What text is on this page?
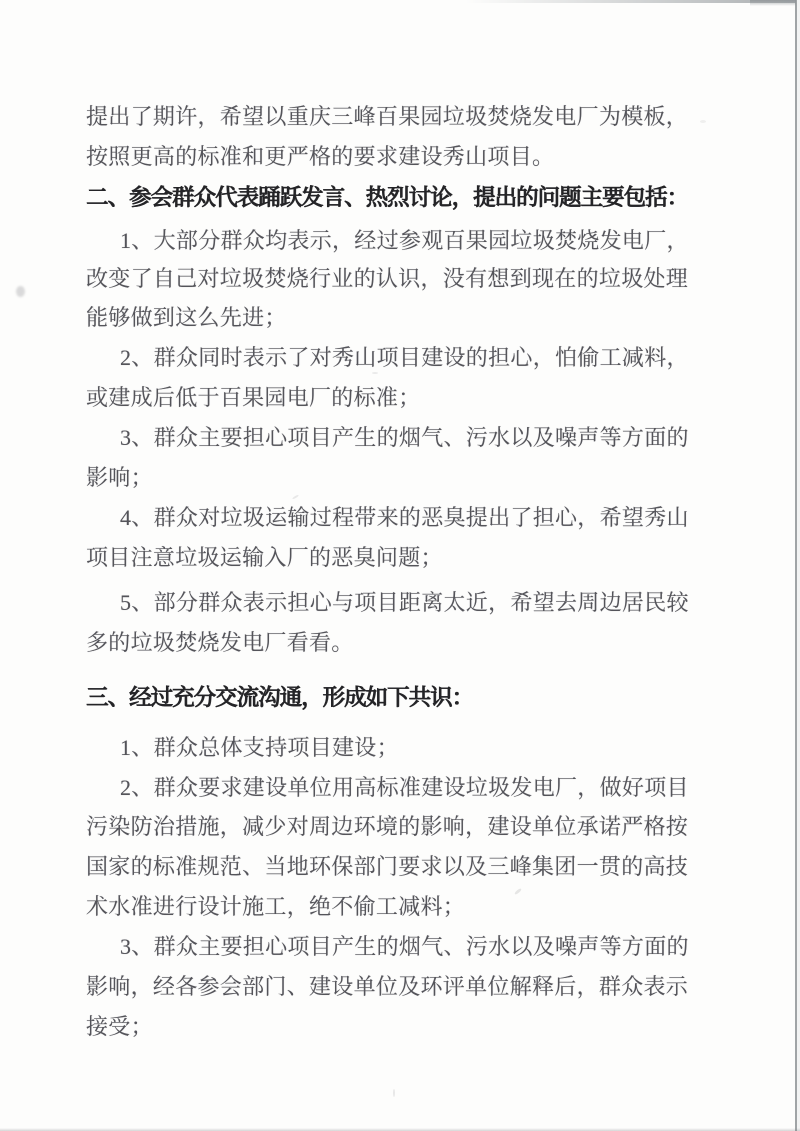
提出了期许，希望以重庆三峰百果园垃圾焚烧发电厂为模板，
按照更高的标准和更严格的要求建设秀山项目。
二、参会群众代表踊跃发言、热烈讨论，提出的问题主要包括：
1、大部分群众均表示，经过参观百果园垃圾焚烧发电厂，
改变了自己对垃圾焚烧行业的认识，没有想到现在的垃圾处理
能够做到这么先进；
2、群众同时表示了对秀山项目建设的担心，怕偷工减料，
或建成后低于百果园电厂的标准；
3、群众主要担心项目产生的烟气、污水以及噪声等方面的
影响；
4、群众对垃圾运输过程带来的恶臭提出了担心，希望秀山
项目注意垃圾运输入厂的恶臭问题；
5、部分群众表示担心与项目距离太近，希望去周边居民较
多的垃圾焚烧发电厂看看。
三、经过充分交流沟通，形成如下共识：
1、群众总体支持项目建设；
2、群众要求建设单位用高标准建设垃圾发电厂，做好项目
污染防治措施，减少对周边环境的影响，建设单位承诺严格按
国家的标准规范、当地环保部门要求以及三峰集团一贯的高技
术水准进行设计施工，绝不偷工减料；
3、群众主要担心项目产生的烟气、污水以及噪声等方面的
影响，经各参会部门、建设单位及环评单位解释后，群众表示
接受；
